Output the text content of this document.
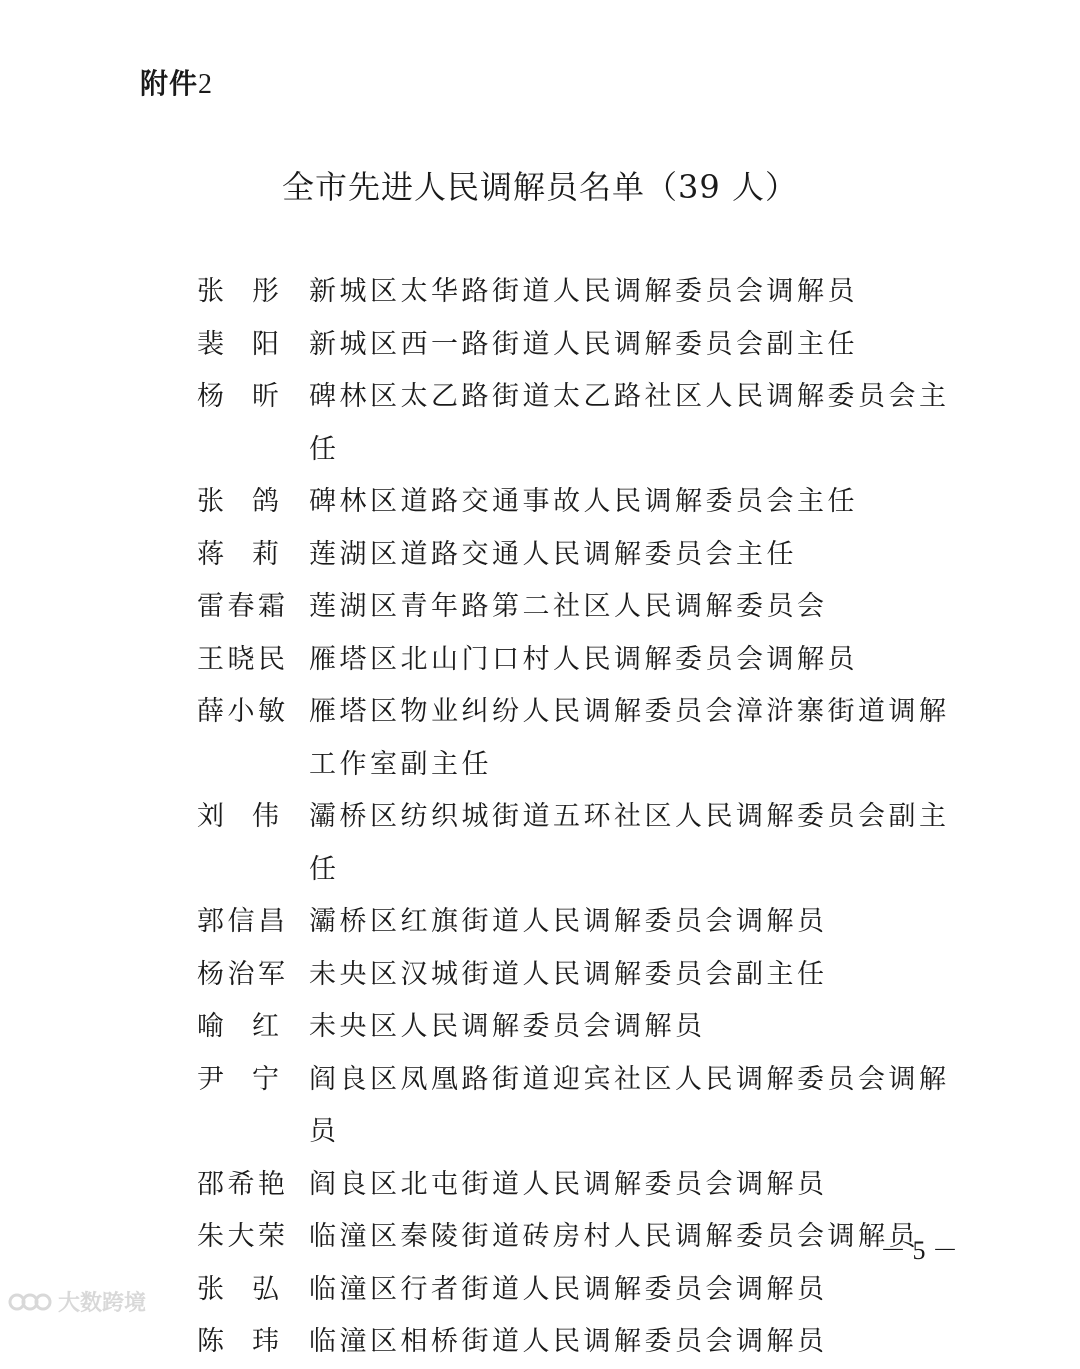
附件2
全市先进人民调解员名单（39 人）
张彤 新城区太华路街道人民调解委员会调解员
裴阳 新城区西一路街道人民调解委员会副主任
杨昕 碑林区太乙路街道太乙路社区人民调解委员会主任
张鸽 碑林区道路交通事故人民调解委员会主任
蒋莉 莲湖区道路交通人民调解委员会主任
雷春霜 莲湖区青年路第二社区人民调解委员会
王晓民 雁塔区北山门口村人民调解委员会调解员
薛小敏 雁塔区物业纠纷人民调解委员会漳浒寨街道调解工作室副主任
刘伟 灞桥区纺织城街道五环社区人民调解委员会副主任
郭信昌 灞桥区红旗街道人民调解委员会调解员
杨治军 未央区汉城街道人民调解委员会副主任
喻红 未央区人民调解委员会调解员
尹宁 阎良区凤凰路街道迎宾社区人民调解委员会调解员
邵希艳 阎良区北屯街道人民调解委员会调解员
朱大荣 临潼区秦陵街道砖房村人民调解委员会调解员
张弘 临潼区行者街道人民调解委员会调解员
陈玮 临潼区相桥街道人民调解委员会调解员
－ 5 －
大数跨境
